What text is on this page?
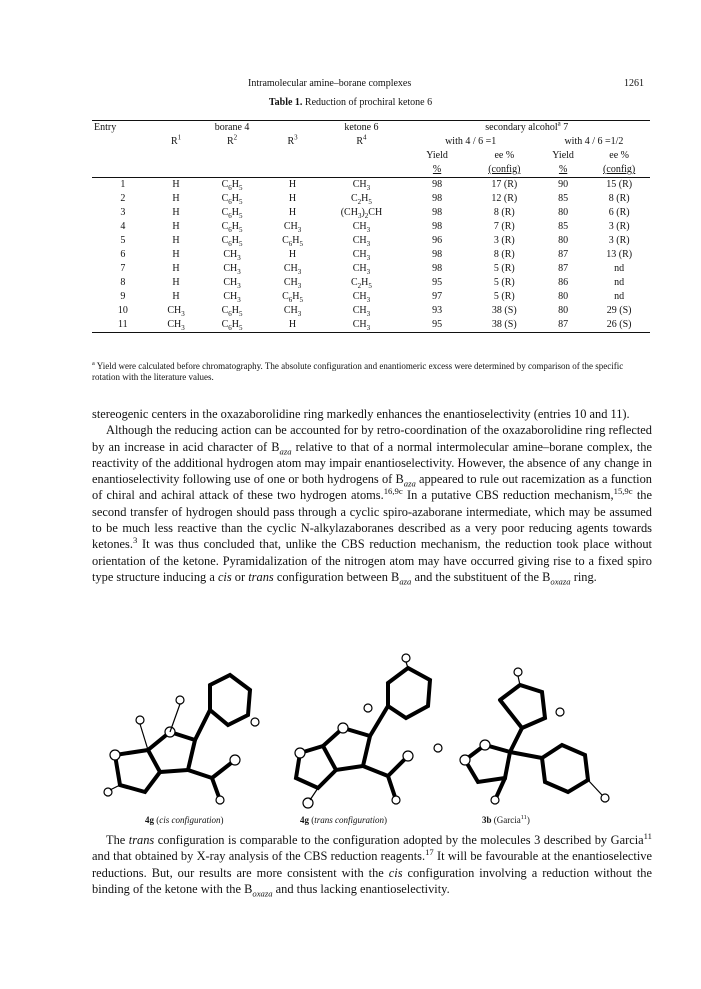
Intramolecular amine–borane complexes	1261
Table 1. Reduction of prochiral ketone 6
Entry		borane 4		ketone 6	secondary alcohol$^a$ 7			
	$R^1$	$R^2$	$R^3$	$R^4$	with 4 / 6 =1		with 4 / 6 =1/2	
					Yield	ee %	Yield	ee %
					%	(config)	%	(config)
1	H	$C_6H_5$	H	$CH_3$	98	17 (R)	90	15 (R)
2	H	$C_6H_5$	H	$C_2H_5$	98	12 (R)	85	8 (R)
3	H	$C_6H_5$	H	$(CH_3)_2CH$	98	8 (R)	80	6 (R)
4	H	$C_6H_5$	$CH_3$	$CH_3$	98	7 (R)	85	3 (R)
5	H	$C_6H_5$	$C_6H_5$	$CH_3$	96	3 (R)	80	3 (R)
6	H	$CH_3$	H	$CH_3$	98	8 (R)	87	13 (R)
7	H	$CH_3$	$CH_3$	$CH_3$	98	5 (R)	87	nd
8	H	$CH_3$	$CH_3$	$C_2H_5$	95	5 (R)	86	nd
9	H	$CH_3$	$C_6H_5$	$CH_3$	97	5 (R)	80	nd
10	$CH_3$	$C_6H_5$	$CH_3$	$CH_3$	93	38 (S)	80	29 (S)
11	$CH_3$	$C_6H_5$	H	$CH_3$	95	38 (S)	87	26 (S)
$^a$ Yield were calculated before chromatography. The absolute configuration and enantiomeric excess were determined by comparison of the specific rotation with the literature values.
stereogenic centers in the oxazaborolidine ring markedly enhances the enantioselectivity (entries 10 and 11).
Although the reducing action can be accounted for by retro-coordination of the oxazaborolidine ring reflected by an increase in acid character of $B_{aza}$ relative to that of a normal intermolecular amine–borane complex, the reactivity of the additional hydrogen atom may impair enantioselectivity. However, the absence of any change in enantioselectivity following use of one or both hydrogens of $B_{aza}$ appeared to rule out racemization as a function of chiral and achiral attack of these two hydrogen atoms.$^{16,9c}$ In a putative CBS reduction mechanism,$^{15,9c}$ the second transfer of hydrogen should pass through a cyclic spiro-azaborane intermediate, which may be assumed to be much less reactive than the cyclic N-alkylazaboranes described as a very poor reducing agents towards ketones.$^3$ It was thus concluded that, unlike the CBS reduction mechanism, the reduction took place without orientation of the ketone. Pyramidalization of the nitrogen atom may have occurred giving rise to a fixed spiro type structure inducing a cis or trans configuration between $B_{aza}$ and the substituent of the $B_{oxaza}$ ring.
4g (cis configuration)	4g (trans configuration)	3b (Garcia$^{11}$)
The trans configuration is comparable to the configuration adopted by the molecules 3 described by Garcia$^{11}$ and that obtained by X-ray analysis of the CBS reduction reagents.$^{17}$ It will be favourable at the enantioselective reductions. But, our results are more consistent with the cis configuration involving a reduction without the binding of the ketone with the $B_{oxaza}$ and thus lacking enantioselectivity.
